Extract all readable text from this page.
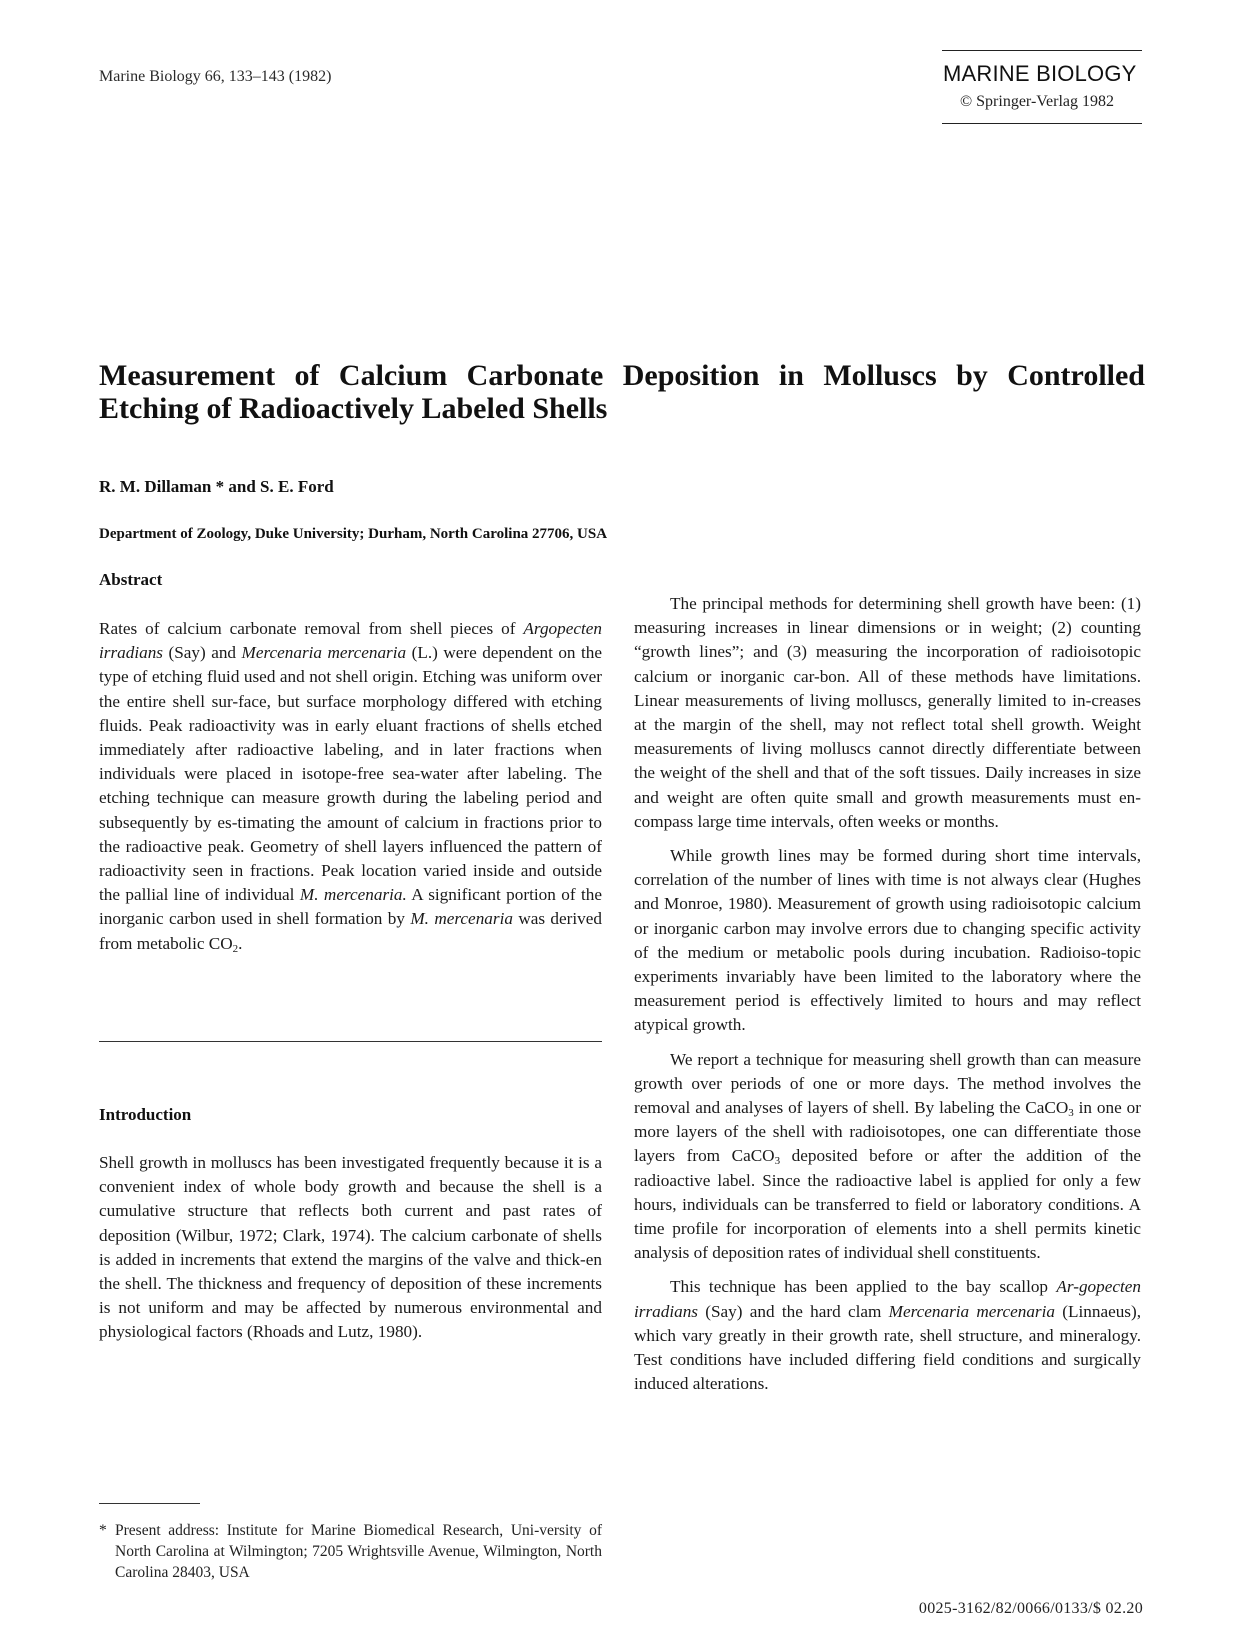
Marine Biology 66, 133–143 (1982)	MARINE BIOLOGY
© Springer-Verlag 1982
Measurement of Calcium Carbonate Deposition in Molluscs by Controlled Etching of Radioactively Labeled Shells
R. M. Dillaman * and S. E. Ford
Department of Zoology, Duke University; Durham, North Carolina 27706, USA
Abstract

Rates of calcium carbonate removal from shell pieces of Argopecten irradians (Say) and Mercenaria mercenaria (L.) were dependent on the type of etching fluid used and not shell origin. Etching was uniform over the entire shell sur-face, but surface morphology differed with etching fluids. Peak radioactivity was in early eluant fractions of shells etched immediately after radioactive labeling, and in later fractions when individuals were placed in isotope-free sea-water after labeling. The etching technique can measure growth during the labeling period and subsequently by es-timating the amount of calcium in fractions prior to the radioactive peak. Geometry of shell layers influenced the pattern of radioactivity seen in fractions. Peak location varied inside and outside the pallial line of individual M. mercenaria. A significant portion of the inorganic carbon used in shell formation by M. mercenaria was derived from metabolic $CO_2$.

Introduction

Shell growth in molluscs has been investigated frequently because it is a convenient index of whole body growth and because the shell is a cumulative structure that reflects both current and past rates of deposition (Wilbur, 1972; Clark, 1974). The calcium carbonate of shells is added in increments that extend the margins of the valve and thick-en the shell. The thickness and frequency of deposition of these increments is not uniform and may be affected by numerous environmental and physiological factors (Rhoads and Lutz, 1980).

* Present address: Institute for Marine Biomedical Research, Uni-versity of North Carolina at Wilmington; 7205 Wrightsville Avenue, Wilmington, North Carolina 28403, USA

The principal methods for determining shell growth have been: (1) measuring increases in linear dimensions or in weight; (2) counting “growth lines”; and (3) measuring the incorporation of radioisotopic calcium or inorganic car-bon. All of these methods have limitations. Linear measurements of living molluscs, generally limited to in-creases at the margin of the shell, may not reflect total shell growth. Weight measurements of living molluscs cannot directly differentiate between the weight of the shell and that of the soft tissues. Daily increases in size and weight are often quite small and growth measurements must en-compass large time intervals, often weeks or months.

While growth lines may be formed during short time intervals, correlation of the number of lines with time is not always clear (Hughes and Monroe, 1980). Measurement of growth using radioisotopic calcium or inorganic carbon may involve errors due to changing specific activity of the medium or metabolic pools during incubation. Radioiso-topic experiments invariably have been limited to the laboratory where the measurement period is effectively limited to hours and may reflect atypical growth.

We report a technique for measuring shell growth than can measure growth over periods of one or more days. The method involves the removal and analyses of layers of shell. By labeling the CaCO$_3$ in one or more layers of the shell with radioisotopes, one can differentiate those layers from CaCO$_3$ deposited before or after the addition of the radioactive label. Since the radioactive label is applied for only a few hours, individuals can be transferred to field or laboratory conditions. A time profile for incorporation of elements into a shell permits kinetic analysis of deposition rates of individual shell constituents.

This technique has been applied to the bay scallop Ar-gopecten irradians (Say) and the hard clam Mercenaria mercenaria (Linnaeus), which vary greatly in their growth rate, shell structure, and mineralogy. Test conditions have included differing field conditions and surgically induced alterations.

0025-3162/82/0066/0133/$ 02.20
